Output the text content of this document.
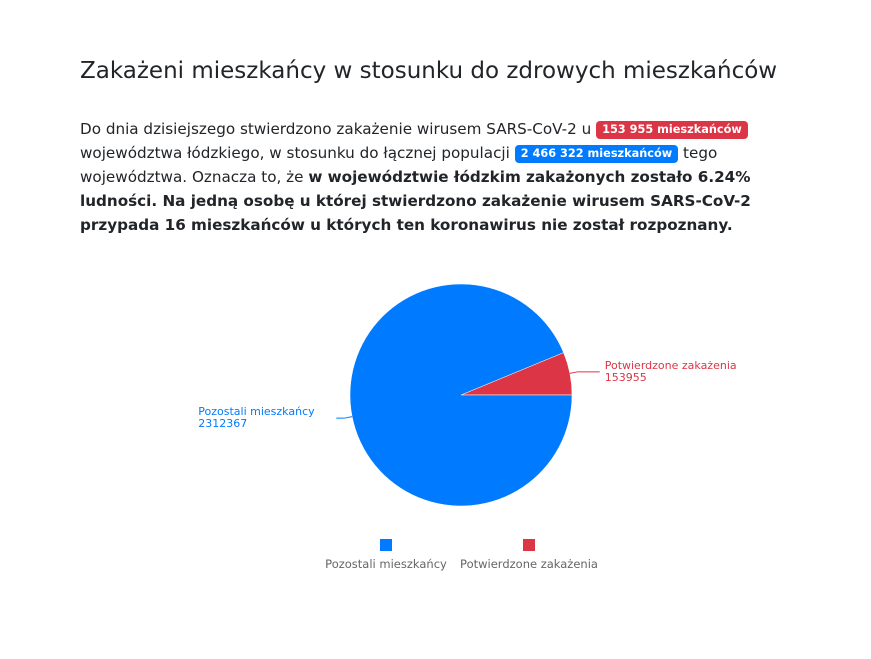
Zakażeni mieszkańcy w stosunku do zdrowych mieszkańców

Do dnia dzisiejszego stwierdzono zakażenie wirusem SARS-CoV-2 u 153 955 mieszkańców województwa łódzkiego, w stosunku do łącznej populacji 2 466 322 mieszkańców tego województwa. Oznacza to, że w województwie łódzkim zakażonych zostało 6.24% ludności. Na jedną osobę u której stwierdzono zakażenie wirusem SARS-CoV-2 przypada 16 mieszkańców u których ten koronawirus nie został rozpoznany.

Potwierdzone zakażenia
153955
Pozostali mieszkańcy
2312367
Pozostali mieszkańcy Potwierdzone zakażenia
